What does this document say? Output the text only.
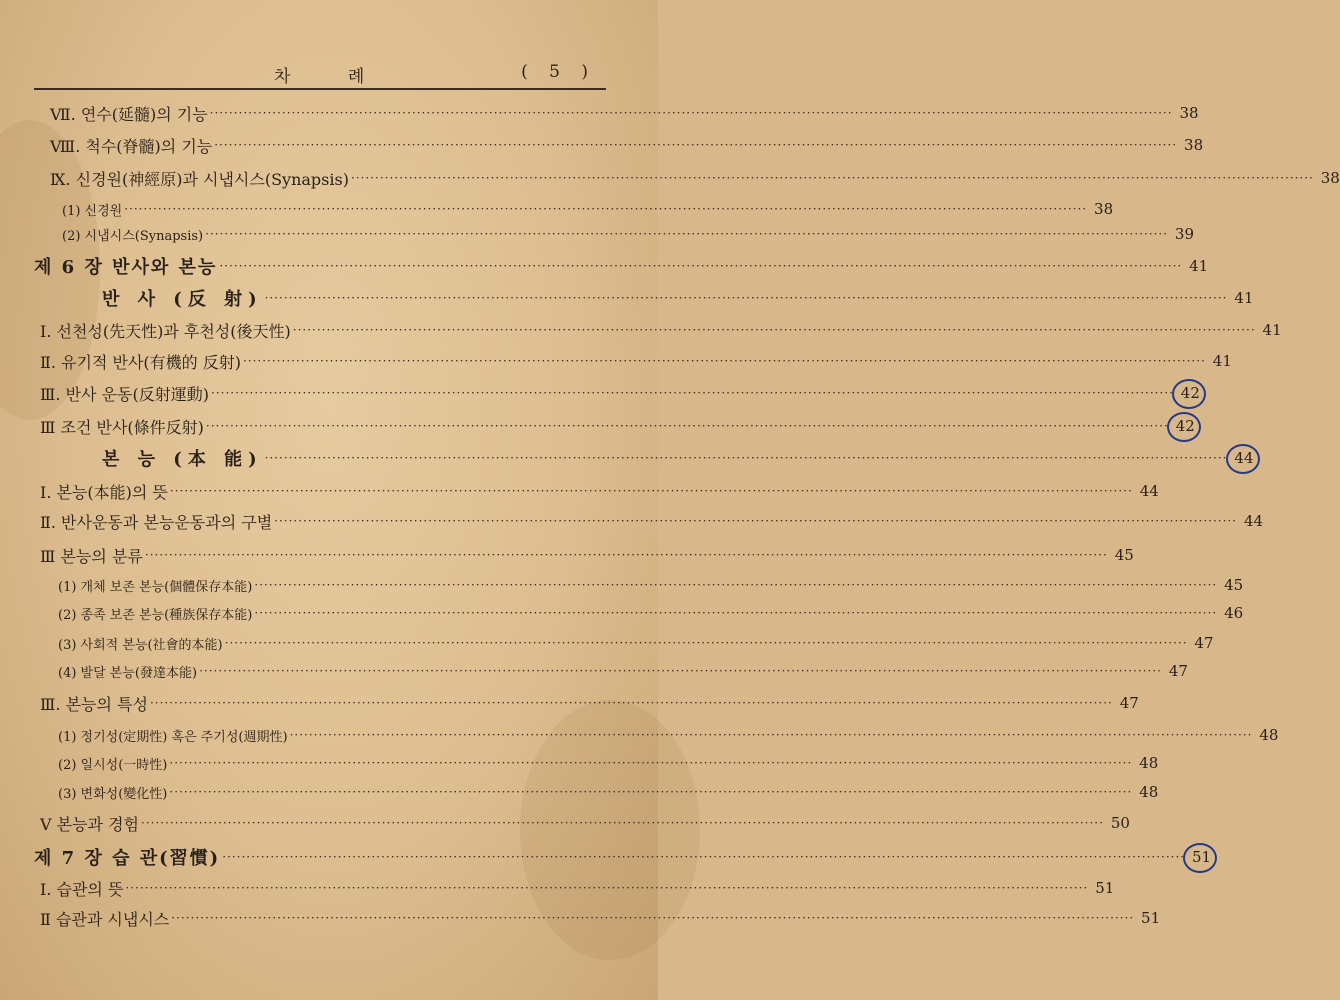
차 례	( 5 )
Ⅶ. 연수(延髓)의 기능 ········································································································································································································ 38
Ⅷ. 척수(脊髓)의 기능 ········································································································································································································ 38
Ⅸ. 신경원(神經原)과 시냅시스(Synapsis) ········································································································································································································ 38
(1) 신경원 ········································································································································································································ 38
(2) 시냅시스(Synapsis) ········································································································································································································ 39
제 6 장 반사와 본능 ········································································································································································································ 41
반 사 (反 射) ········································································································································································································ 41
Ⅰ. 선천성(先天性)과 후천성(後天性) ········································································································································································································ 41
Ⅱ. 유기적 반사(有機的 反射) ········································································································································································································ 41
Ⅲ. 반사 운동(反射運動) ········································································································································································································ 42
Ⅲ 조건 반사(條件反射) ········································································································································································································ 42
본 능 (本 能) ········································································································································································································ 44
Ⅰ. 본능(本能)의 뜻 ········································································································································································································ 44
Ⅱ. 반사운동과 본능운동과의 구별 ········································································································································································································ 44
Ⅲ 본능의 분류 ········································································································································································································ 45
(1) 개체 보존 본능(個體保存本能) ········································································································································································································ 45
(2) 종족 보존 본능(種族保存本能) ········································································································································································································ 46
(3) 사회적 본능(社會的本能) ········································································································································································································ 47
(4) 발달 본능(發達本能) ········································································································································································································ 47
Ⅲ. 본능의 특성 ········································································································································································································ 47
(1) 정기성(定期性) 혹은 주기성(週期性) ········································································································································································································ 48
(2) 일시성(一時性) ········································································································································································································ 48
(3) 변화성(變化性) ········································································································································································································ 48
Ⅴ 본능과 경험 ········································································································································································································ 50
제 7 장 습 관(習慣) ········································································································································································································ 51
Ⅰ. 습관의 뜻 ········································································································································································································ 51
Ⅱ 습관과 시냅시스 ········································································································································································································ 51
